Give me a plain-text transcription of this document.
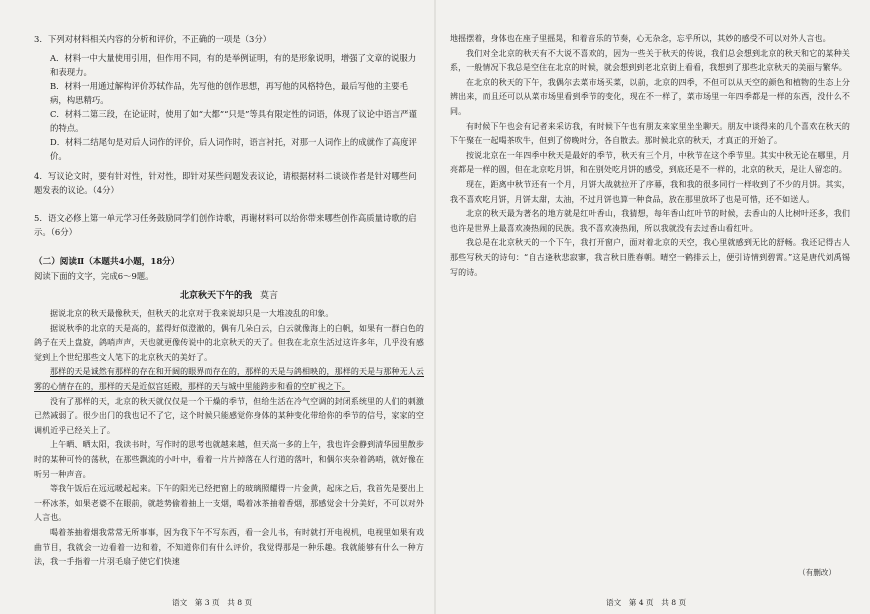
3. 下列对材料相关内容的分析和评价，不正确的一项是（3分）

A．材料一中大量使用引用，但作用不同，有的是举例证明，有的是形象说明，增强了文章的说服力和表现力。

B．材料一用通过解构评价苏轼作品，先写他的创作思想，再写他的风格特色，最后写他的主要毛病，构思精巧。

C．材料二第三段，在论证时，使用了如“大都”“只是”等具有限定性的词语，体现了议论中语言严谨的特点。

D．材料二结尾句是对后人词作的评价，后人词作时，语言衬托，对那一人词作上的成就作了高度评价。

4. 写议论文时，要有针对性，针对性，即针对某些问题发表议论，请根据材料二谈谈作者是针对哪些问题发表的议论。（4分）

5. 语文必修上第一单元学习任务鼓励同学们创作诗歌，再谢材料可以给你带来哪些创作高质量诗歌的启示。（6分）

（二）阅读Ⅱ（本题共4小题，18分）

阅读下面的文字，完成6～9题。

北京秋天下午的我 莫言

据说北京的秋天最像秋天，但秋天的北京对于我来说却只是一大堆凌乱的印象。

据说秋季的北京的天是高的，蓝得好似澄澈的，偶有几朵白云，白云就像海上的白帆，如果有一群白色的鸽子在天上盘旋，鸽哨声声，天也就更像传说中的北京秋天的天了。但我在北京生活过这许多年，几乎没有感觉到上个世纪那些文人笔下的北京秋天的美好了。

那样的天是诚然有那样的存在和开阔的眼界而存在的，那样的天是与鸽相映的，那样的天是与那种无人云雾的心情存在的，那样的天是近似宫廷殿，那样的天与城中里能跨步和看的空旷视之下。

没有了那样的天，北京的秋天就仅仅是一个干燥的季节，但给生活在冷气空调的封闭系统里的人们的刺激已然减弱了。很少出门的我也记不了它，这个时候只能感觉你身体的某种变化带给你的季节的信号，家家的空调机近乎已经关上了。

上午晒、晒太阳，我读书时，写作时的思考也就越来越，但天高一多的上午，我也许会静到清华园里散步时的某种可怜的荡秋，在那些飘流的小叶中，看着一片片掉落在人行道的落叶，和偶尔夹杂着鸽哨，就好像在听另一种声音。

等我午饭后在远远暖起起来。下午的阳光已经把窗上的玻璃照耀得一片金黄，起床之后，我首先是要出上一杯冰茶，如果老婆不在眼前，就趁势偷着抽上一支烟，喝着冰茶抽着香烟，那感觉会十分美好，不可以对外人言也。

喝着茶抽着烟我常常无所事事，因为我下午不写东西，看一会儿书，有时就打开电视机，电视里如果有戏曲节目，我就会一边看着一边和着，不知道你们有什么评价，我觉得那是一种乐趣。我就能够有什么一种方法，我一手指着一片羽毛扇子使它们快速

语文　第 3 页　共 8 页

地摇摆着，身体也在座子里摇晃，和着音乐的节奏，心无杂念，忘乎所以，其妙的感受不可以对外人言也。

我们对全北京的秋天有不大说不喜欢的，因为一些关于秋天的传说，我们总会想到北京的秋天和它的某种关系，一般情况下我总是空住在北京的时候，就会想到到老北京街上看看，我想到了那些北京秋天的美丽与繁华。

在北京的秋天的下午，我偶尔去菜市场买菜，以前，北京的四季，不但可以从天空的颜色和植物的生态上分辨出来，而且还可以从菜市场里看到季节的变化，现在不一样了，菜市场里一年四季都是一样的东西，没什么不同。

有时候下午也会有记者来采访我，有时候下午也有朋友来家里坐坐聊天。朋友中谈得来的几个喜欢在秋天的下午聚在一起喝茶吹牛，但到了傍晚时分，各自散去。那时候北京的秋天，才真正的开始了。

按说北京在一年四季中秋天是最好的季节，秋天有三个月，中秋节在这个季节里。其实中秋无论在哪里，月亮都是一样的圆，但在北京吃月饼，和在别处吃月饼的感受，到底还是不一样的，北京的秋天，是让人留恋的。

现在，距离中秋节还有一个月，月饼大战就拉开了序幕，我和我的很多同行一样收到了不少的月饼。其实，我不喜欢吃月饼，月饼太甜，太油，不过月饼也算一种食品，放在那里放坏了也是可惜，还不如送人。

北京的秋天最为著名的地方就是红叶香山，我猜想，每年香山红叶节的时候，去香山的人比树叶还多，我们也许是世界上最喜欢凑热闹的民族。我不喜欢凑热闹，所以我就没有去过香山看红叶。

我总是在北京秋天的一个下午，我打开窗户，面对着北京的天空，我心里就感到无比的舒畅。我还记得古人那些写秋天的诗句：“自古逢秋悲寂寥，我言秋日胜春朝。晴空一鹤排云上，便引诗情到碧霄。”这是唐代刘禹锡写的诗。

（有删改）
语文　第 4 页　共 8 页
